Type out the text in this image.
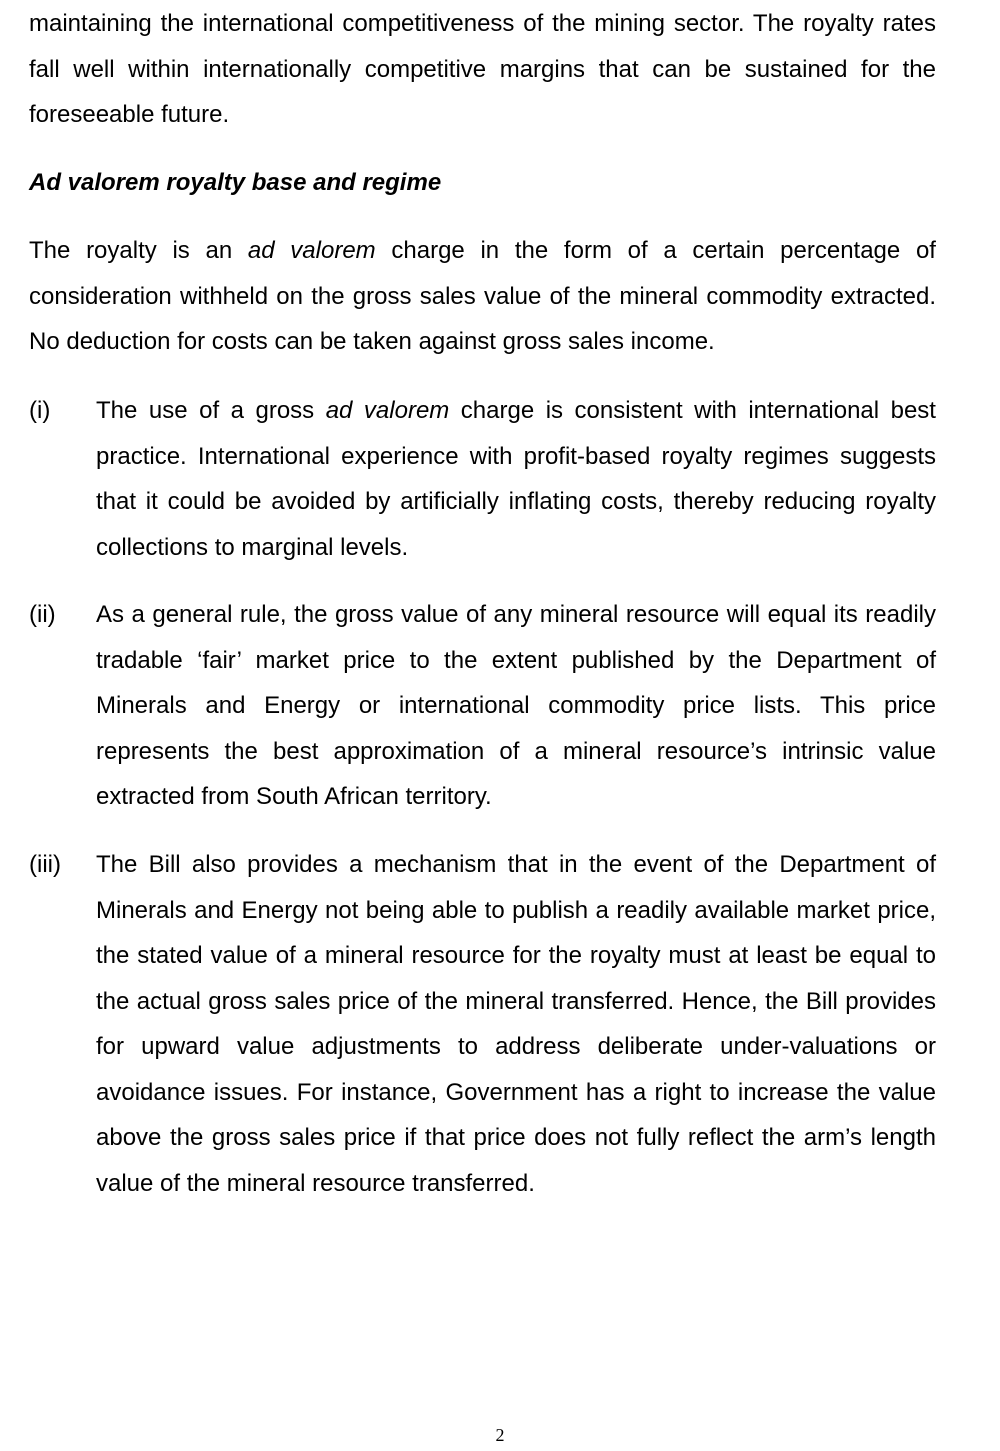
maintaining the international competitiveness of the mining sector. The royalty rates fall well within internationally competitive margins that can be sustained for the foreseeable future.

Ad valorem royalty base and regime

The royalty is an ad valorem charge in the form of a certain percentage of consideration withheld on the gross sales value of the mineral commodity extracted. No deduction for costs can be taken against gross sales income.

(i) The use of a gross ad valorem charge is consistent with international best practice. International experience with profit-based royalty regimes suggests that it could be avoided by artificially inflating costs, thereby reducing royalty collections to marginal levels.

(ii) As a general rule, the gross value of any mineral resource will equal its readily tradable ‘fair’ market price to the extent published by the Department of Minerals and Energy or international commodity price lists. This price represents the best approximation of a mineral resource’s intrinsic value extracted from South African territory.

(iii) The Bill also provides a mechanism that in the event of the Department of Minerals and Energy not being able to publish a readily available market price, the stated value of a mineral resource for the royalty must at least be equal to the actual gross sales price of the mineral transferred. Hence, the Bill provides for upward value adjustments to address deliberate under-valuations or avoidance issues. For instance, Government has a right to increase the value above the gross sales price if that price does not fully reflect the arm’s length value of the mineral resource transferred.

2
